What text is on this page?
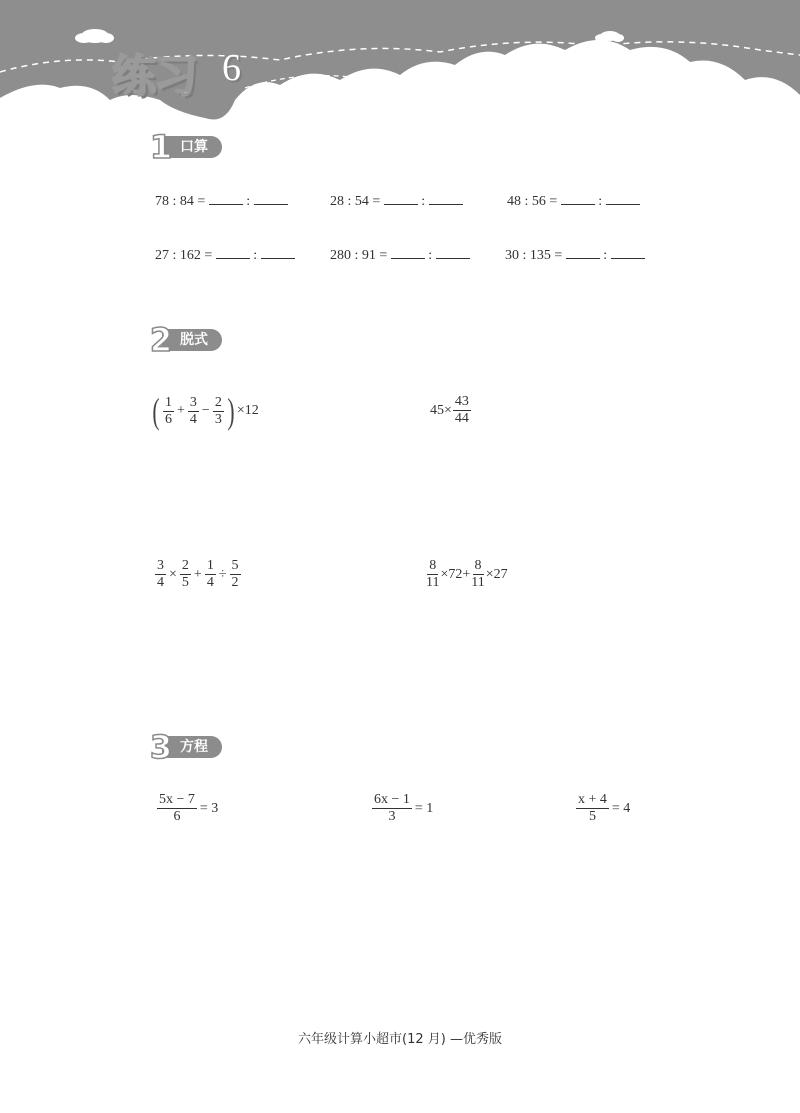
练习 6
1 口算
78 : 84 =	:	28 : 54 =	:	48 : 56 =	:
27 : 162 =	:	280 : 91 =	:	30 : 135 =	:
2 脱式
( $\frac{1}{6} + \frac{3}{4} - \frac{2}{3}$ ) ×12	$45\times \frac{43}{44}$
$\frac{3}{4} \times \frac{2}{5} + \frac{1}{4} \div \frac{5}{2}$	$\frac{8}{11} \times 72+ \frac{8}{11} \times 27$
3 方程
$\frac{5x - 7}{6} = 3$	$\frac{6x - 1}{3} = 1$	$\frac{x + 4}{5} = 4$
六年级计算小超市(12 月) —优秀版
